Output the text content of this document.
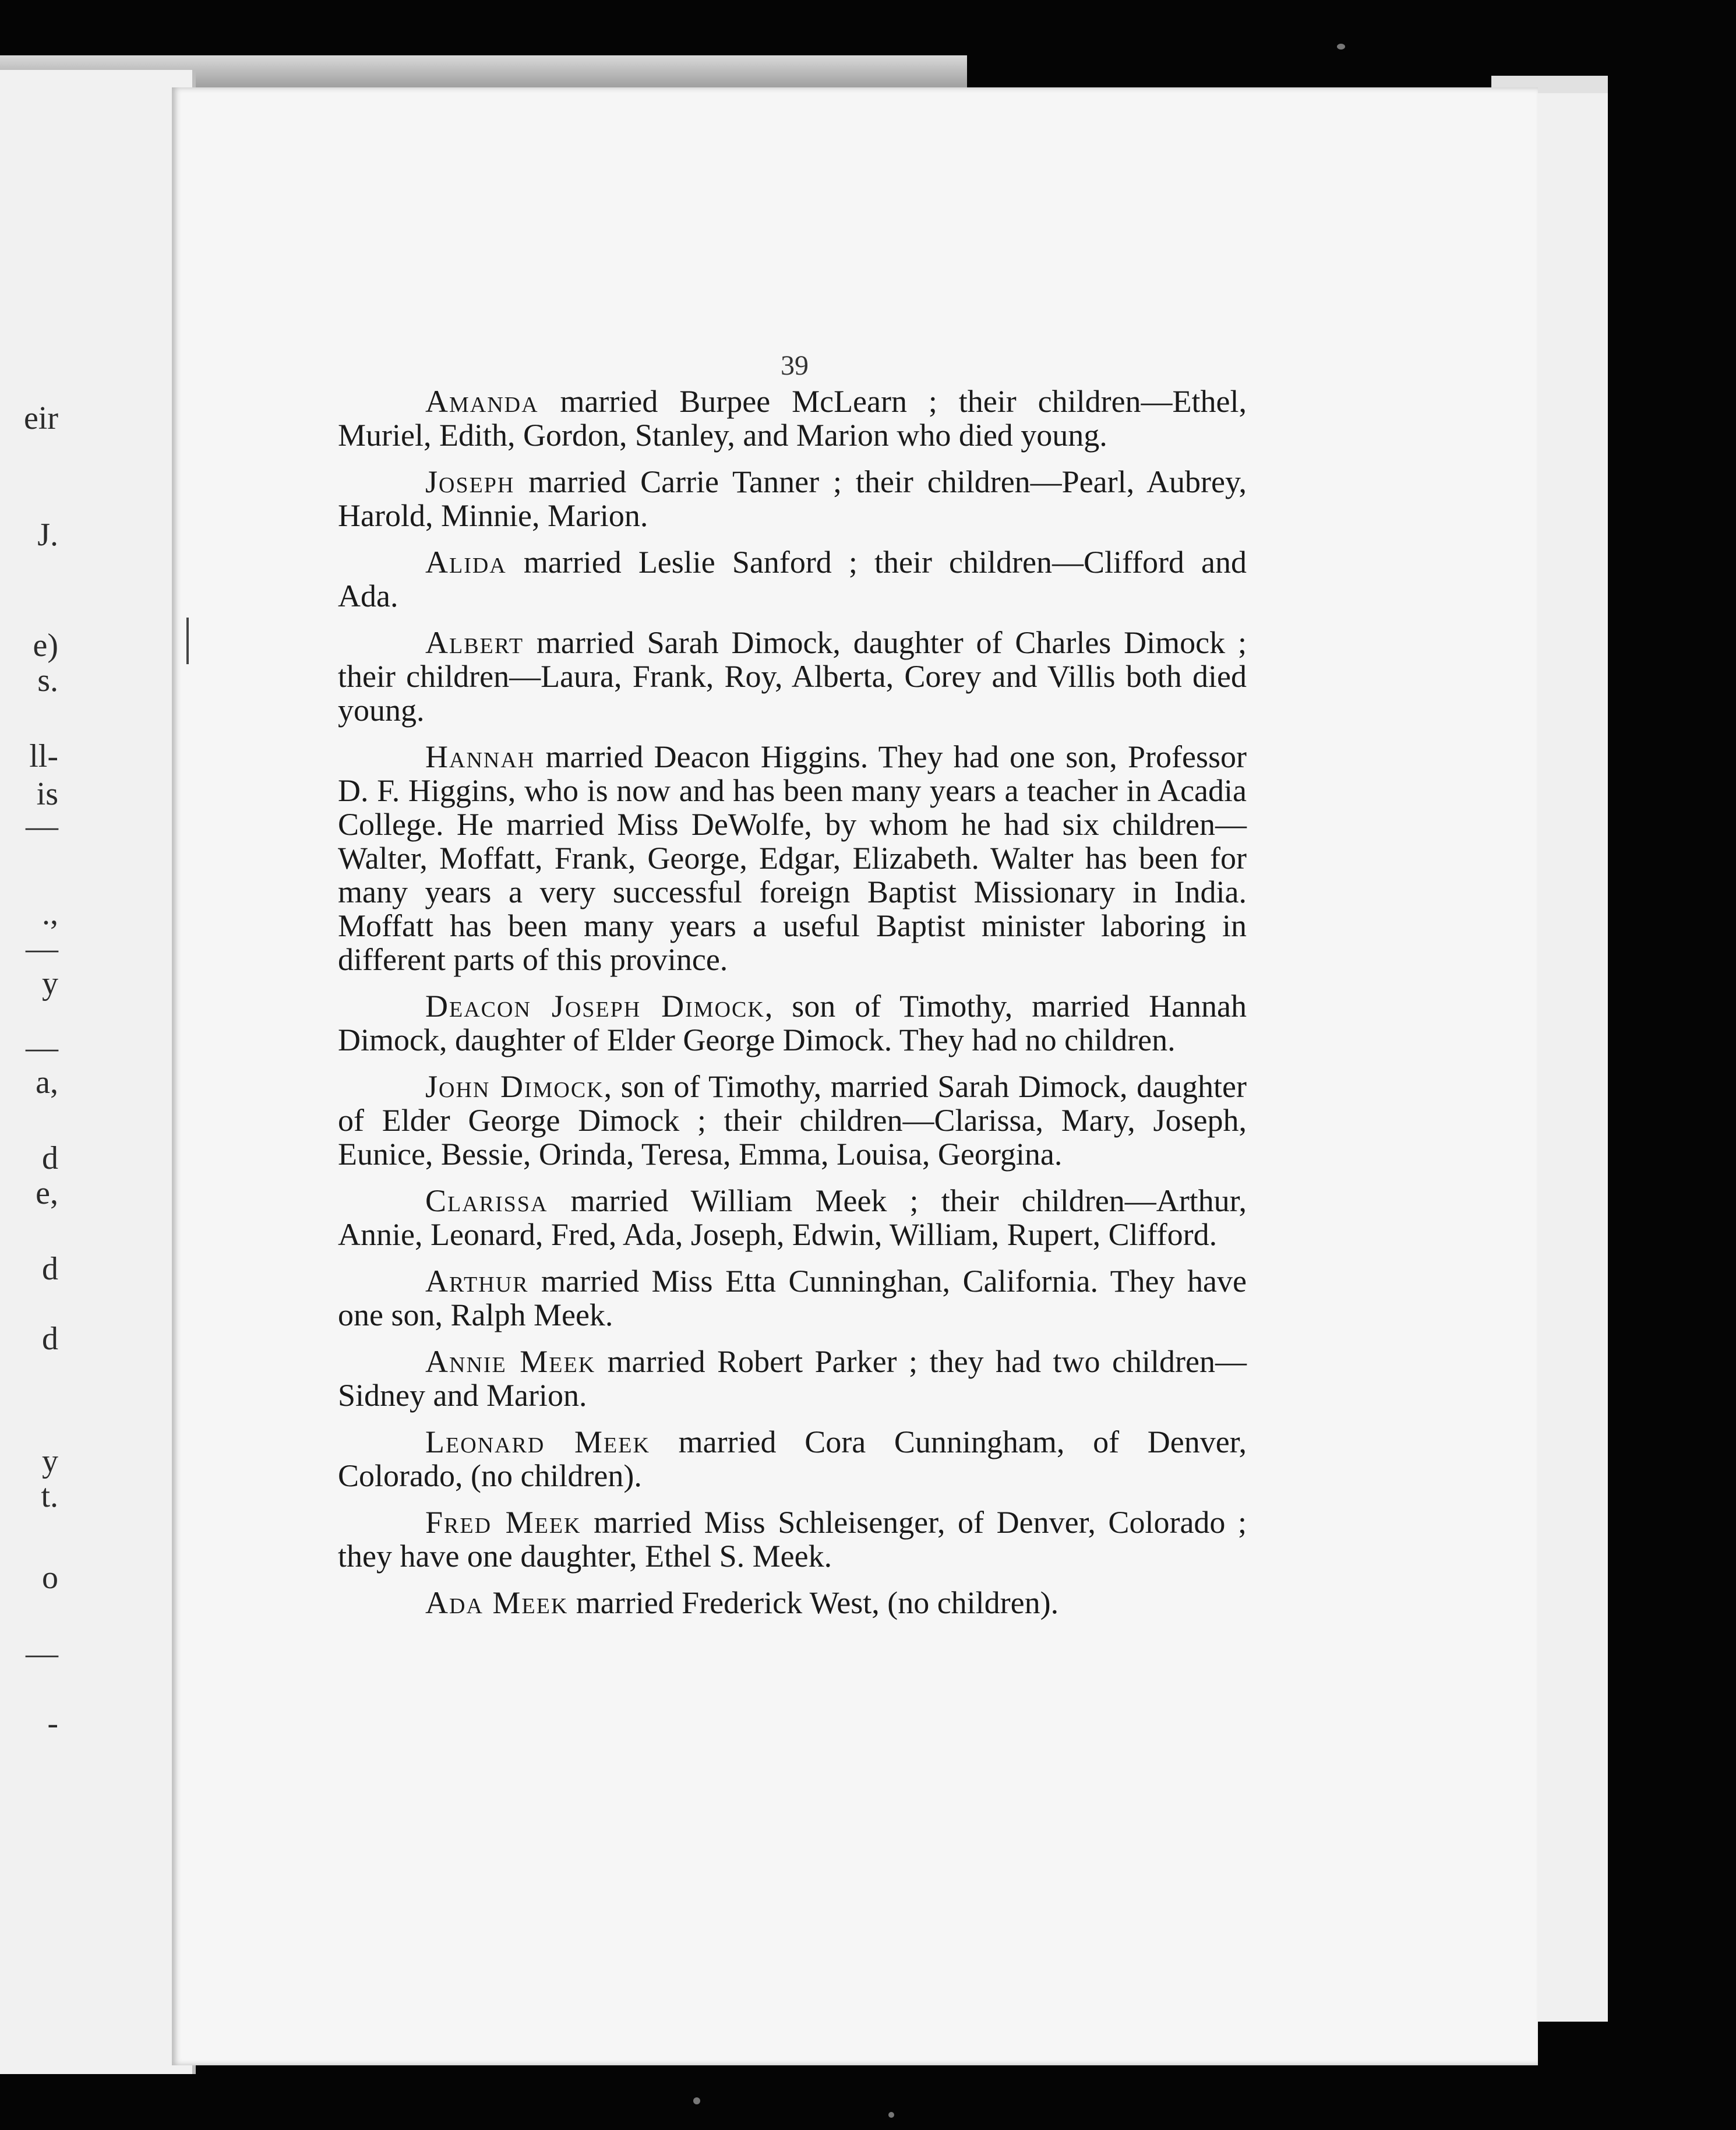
eir
J.
e)
s.
ll-
is
—
.,
—
y
—
a,
d
e,
d
d
y
t.
o
—
-
39

Amanda married Burpee McLearn ; their children—Ethel, Muriel, Edith, Gordon, Stanley, and Marion who died young.

Joseph married Carrie Tanner ; their children—Pearl, Aubrey, Harold, Minnie, Marion.

Alida married Leslie Sanford ; their children—Clifford and Ada.

Albert married Sarah Dimock, daughter of Charles Dimock ; their children—Laura, Frank, Roy, Alberta, Corey and Villis both died young.

Hannah married Deacon Higgins. They had one son, Professor D. F. Higgins, who is now and has been many years a teacher in Acadia College. He married Miss DeWolfe, by whom he had six children—Walter, Moffatt, Frank, George, Edgar, Elizabeth. Walter has been for many years a very successful foreign Baptist Missionary in India. Moffatt has been many years a useful Baptist minister laboring in different parts of this province.

Deacon Joseph Dimock, son of Timothy, married Hannah Dimock, daughter of Elder George Dimock. They had no children.

John Dimock, son of Timothy, married Sarah Dimock, daughter of Elder George Dimock ; their children—Clarissa, Mary, Joseph, Eunice, Bessie, Orinda, Teresa, Emma, Louisa, Georgina.

Clarissa married William Meek ; their children—Arthur, Annie, Leonard, Fred, Ada, Joseph, Edwin, William, Rupert, Clifford.

Arthur married Miss Etta Cunninghan, California. They have one son, Ralph Meek.

Annie Meek married Robert Parker ; they had two children—Sidney and Marion.

Leonard Meek married Cora Cunningham, of Denver, Colorado, (no children).

Fred Meek married Miss Schleisenger, of Denver, Colorado ; they have one daughter, Ethel S. Meek.

Ada Meek married Frederick West, (no children).
